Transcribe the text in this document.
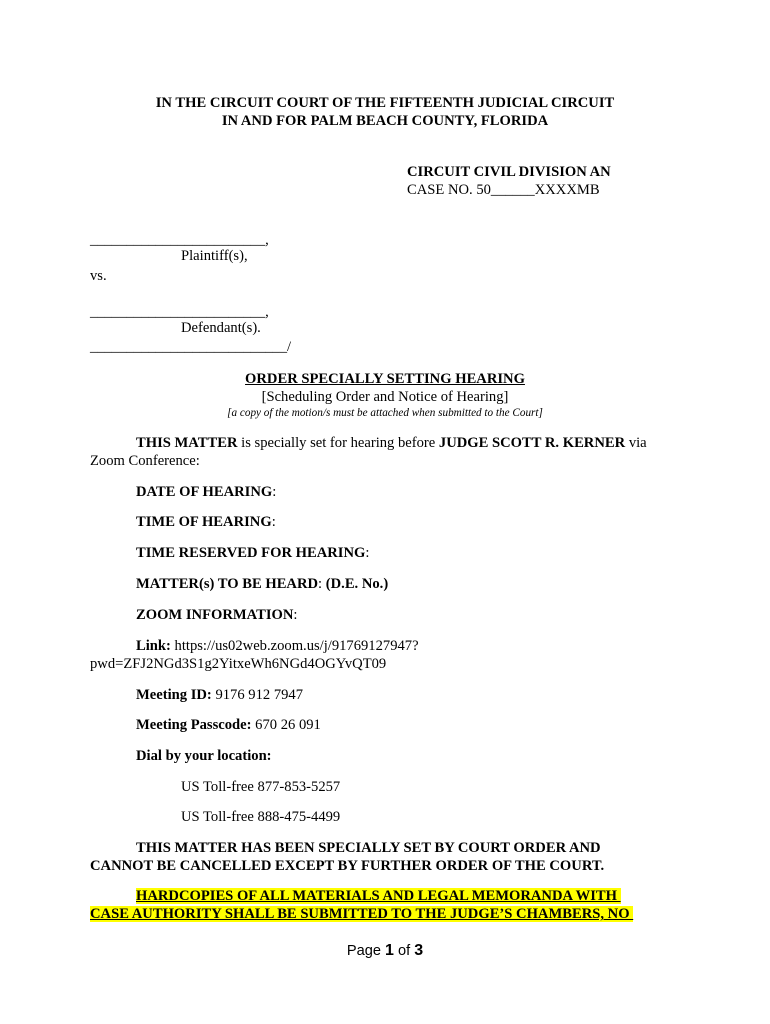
IN THE CIRCUIT COURT OF THE FIFTEENTH JUDICIAL CIRCUIT
IN AND FOR PALM BEACH COUNTY, FLORIDA
CIRCUIT CIVIL DIVISION AN
CASE NO. 50______XXXXMB
________________________,
Plaintiff(s),
vs.
________________________,
Defendant(s).
___________________________/
ORDER SPECIALLY SETTING HEARING
[Scheduling Order and Notice of Hearing]
[a copy of the motion/s must be attached when submitted to the Court]
THIS MATTER is specially set for hearing before JUDGE SCOTT R. KERNER via
Zoom Conference:
DATE OF HEARING:
TIME OF HEARING:
TIME RESERVED FOR HEARING:
MATTER(s) TO BE HEARD: (D.E. No.)
ZOOM INFORMATION:
Link: https://us02web.zoom.us/j/91769127947?
pwd=ZFJ2NGd3S1g2YitxeWh6NGd4OGYvQT09
Meeting ID: 9176 912 7947
Meeting Passcode: 670 26 091
Dial by your location:
US Toll-free 877-853-5257
US Toll-free 888-475-4499
THIS MATTER HAS BEEN SPECIALLY SET BY COURT ORDER AND
CANNOT BE CANCELLED EXCEPT BY FURTHER ORDER OF THE COURT.
HARDCOPIES OF ALL MATERIALS AND LEGAL MEMORANDA WITH
CASE AUTHORITY SHALL BE SUBMITTED TO THE JUDGE’S CHAMBERS, NO
Page 1 of 3
